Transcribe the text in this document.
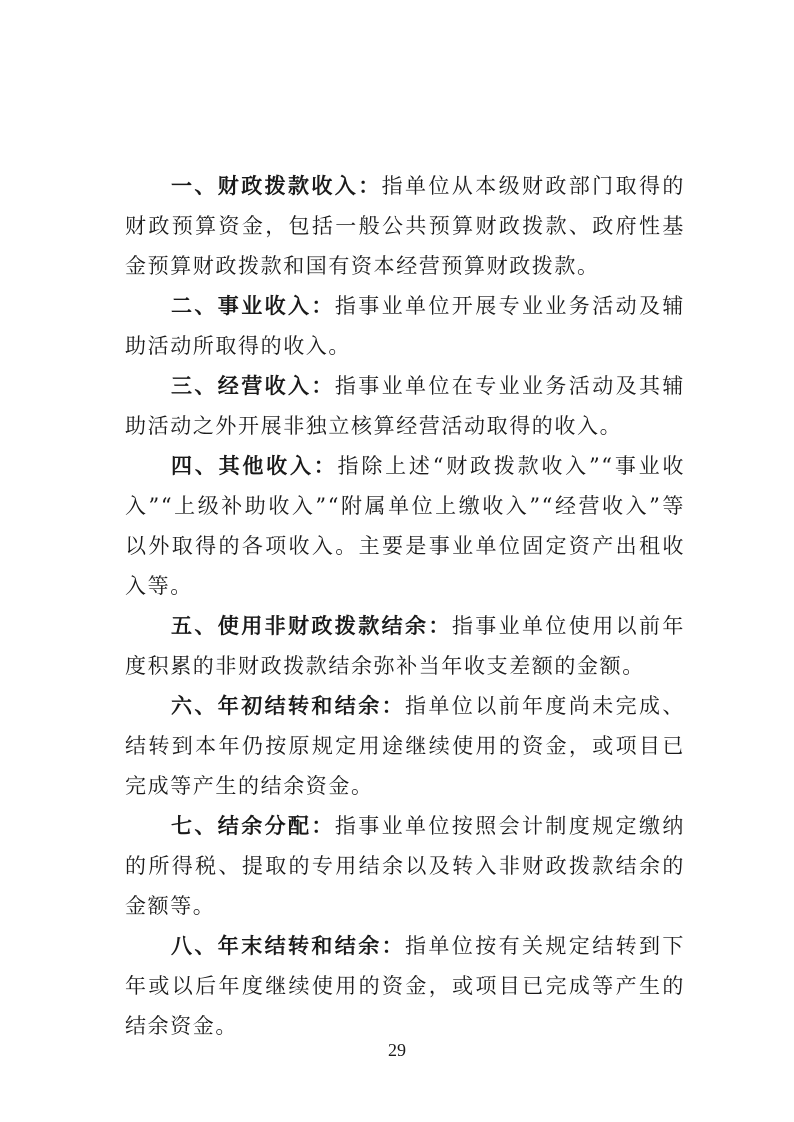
一、财政拨款收入：指单位从本级财政部门取得的财政预算资金，包括一般公共预算财政拨款、政府性基金预算财政拨款和国有资本经营预算财政拨款。

二、事业收入：指事业单位开展专业业务活动及辅助活动所取得的收入。

三、经营收入：指事业单位在专业业务活动及其辅助活动之外开展非独立核算经营活动取得的收入。

四、其他收入：指除上述“财政拨款收入”“事业收入”“上级补助收入”“附属单位上缴收入”“经营收入”等以外取得的各项收入。主要是事业单位固定资产出租收入等。

五、使用非财政拨款结余：指事业单位使用以前年度积累的非财政拨款结余弥补当年收支差额的金额。

六、年初结转和结余：指单位以前年度尚未完成、结转到本年仍按原规定用途继续使用的资金，或项目已完成等产生的结余资金。

七、结余分配：指事业单位按照会计制度规定缴纳的所得税、提取的专用结余以及转入非财政拨款结余的金额等。

八、年末结转和结余：指单位按有关规定结转到下年或以后年度继续使用的资金，或项目已完成等产生的结余资金。

29
